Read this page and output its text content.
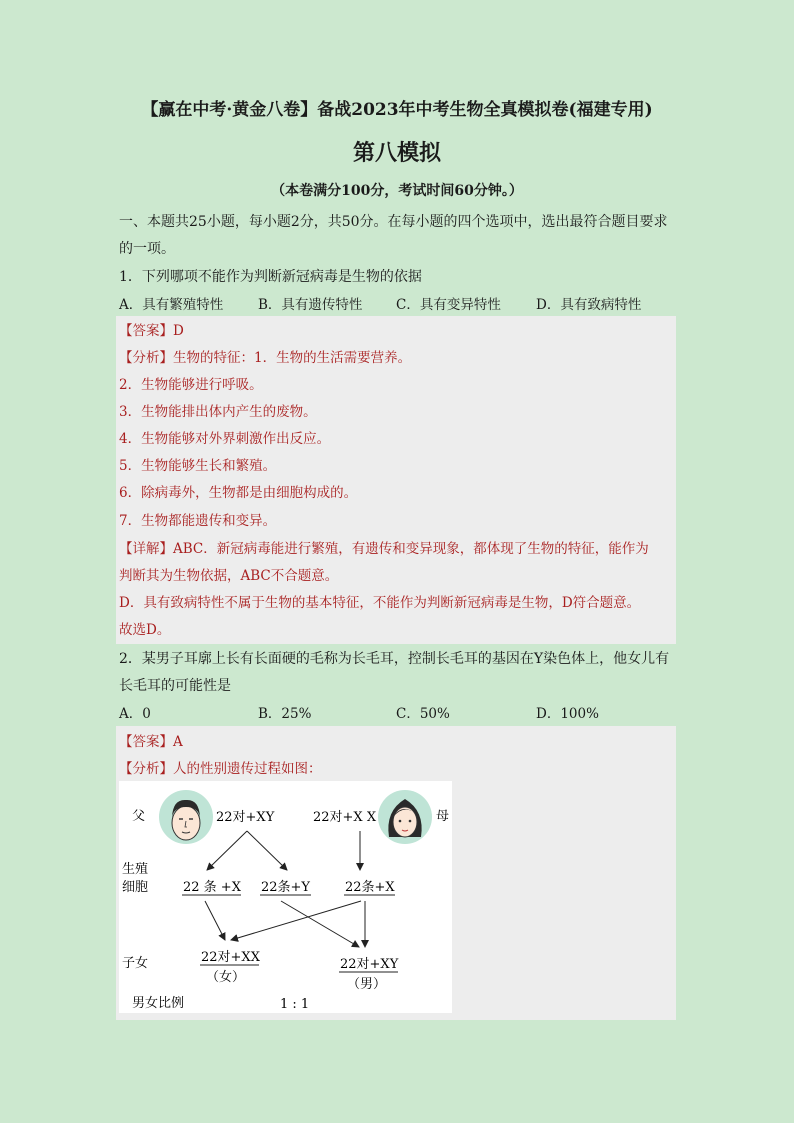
【赢在中考·黄金八卷】备战2023年中考生物全真模拟卷(福建专用)
第八模拟
（本卷满分100分，考试时间60分钟。）
一、本题共25小题，每小题2分，共50分。在每小题的四个选项中，选出最符合题目要求
的一项。
1．下列哪项不能作为判断新冠病毒是生物的依据
A．具有繁殖特性	B．具有遗传特性 C．具有变异特性	D．具有致病特性
【答案】D
【分析】生物的特征：1．生物的生活需要营养。
2．生物能够进行呼吸。
3．生物能排出体内产生的废物。
4．生物能够对外界刺激作出反应。
5．生物能够生长和繁殖。
6．除病毒外，生物都是由细胞构成的。
7．生物都能遗传和变异。
【详解】ABC．新冠病毒能进行繁殖，有遗传和变异现象，都体现了生物的特征，能作为
判断其为生物依据，ABC不合题意。
D．具有致病特性不属于生物的基本特征，不能作为判断新冠病毒是生物，D符合题意。
故选D。
2．某男子耳廓上长有长面硬的毛称为长毛耳，控制长毛耳的基因在Y染色体上，他女儿有
长毛耳的可能性是
A．0	B．25%	C．50%	D．100%
【答案】A
【分析】人的性别遗传过程如图：
父	母
22对+XY	22对+X X
生殖
细胞	22 条 +X 22条+Y	22条+X
子女	22对+XX
（女）
22对+XY
（男）
男女比例	1 : 1
